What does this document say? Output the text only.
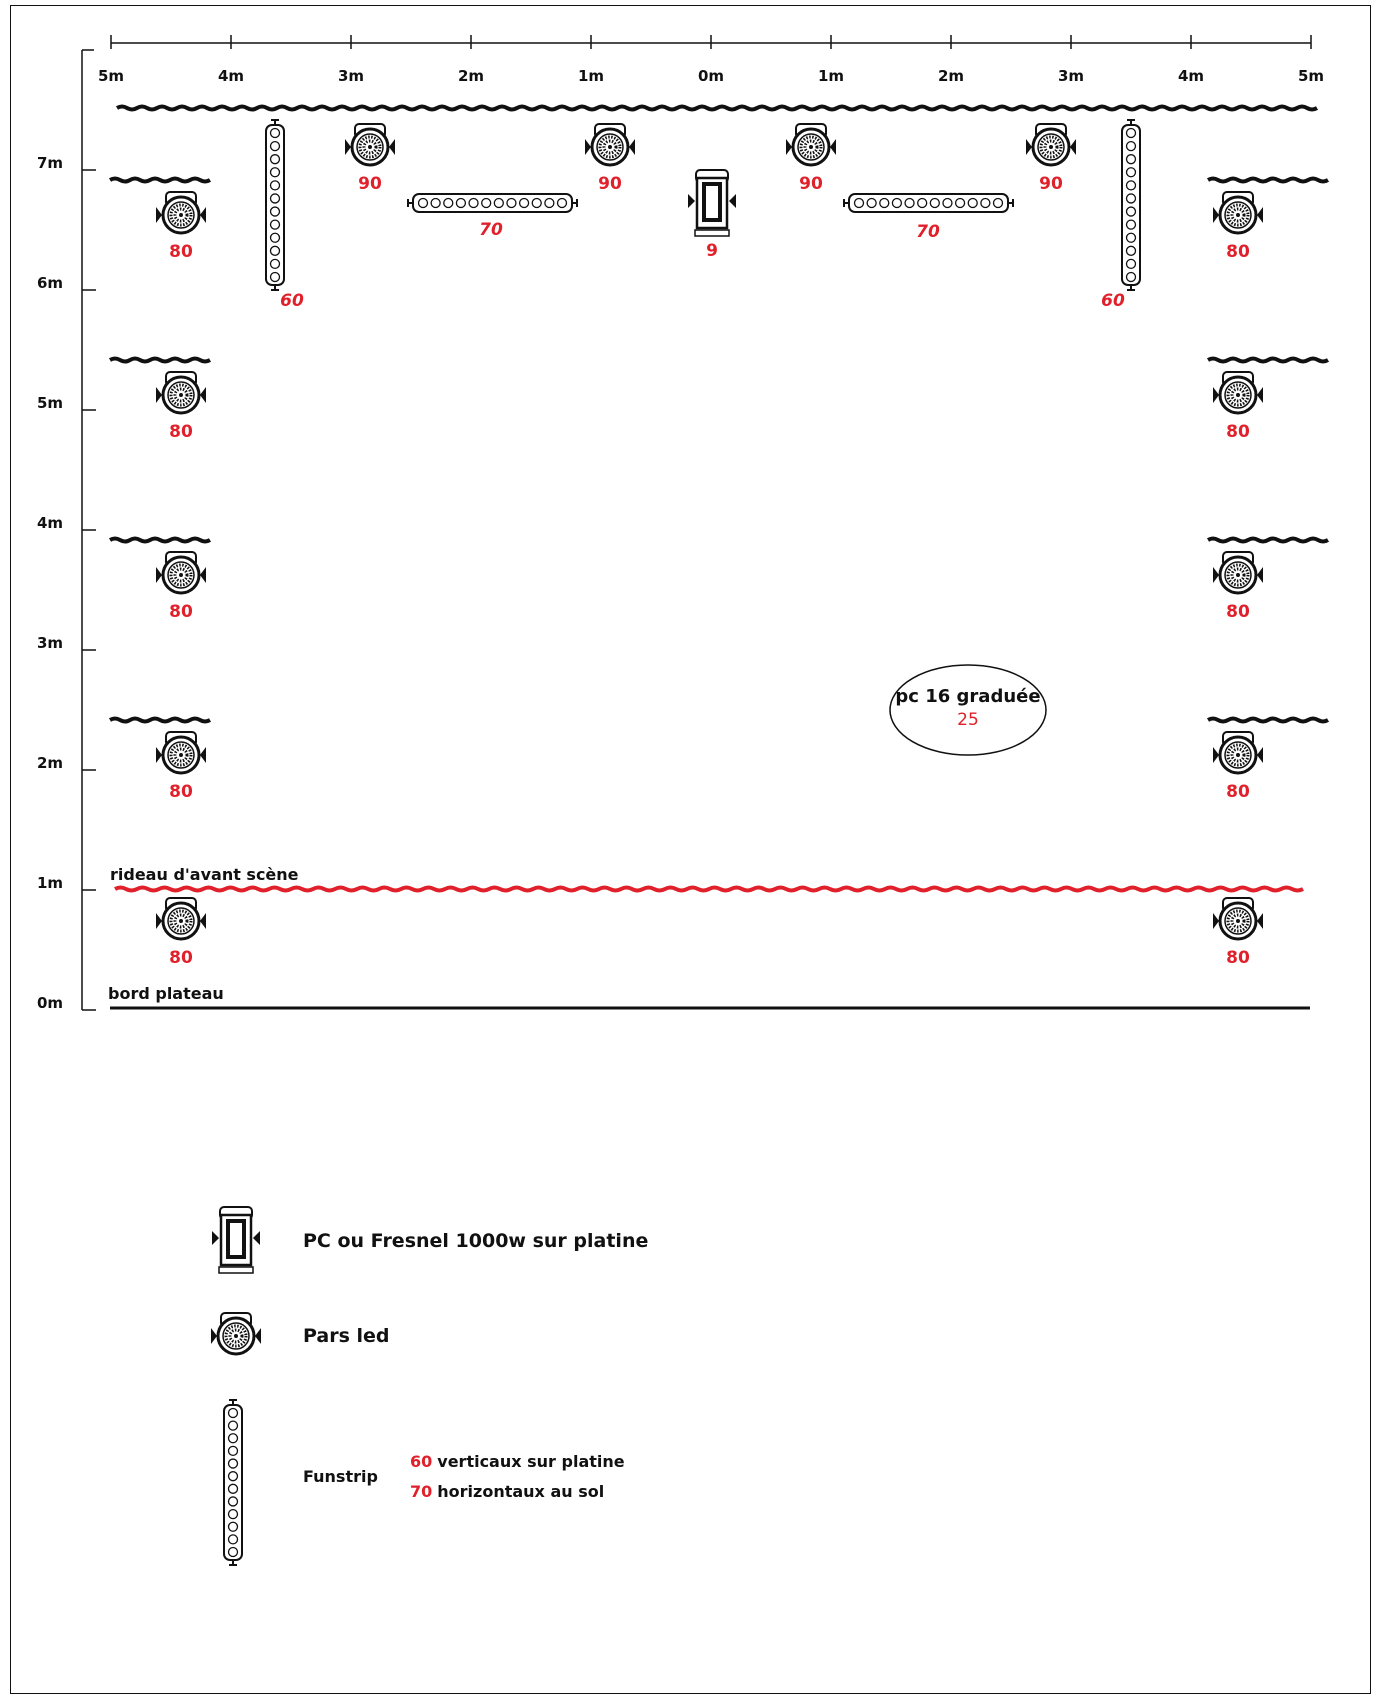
5m	4m	3m	2m	1m	0m	1m	2m	3m	4m	5m
7m
6m
5m
4m
3m
2m
1m
0m
rideau d'avant scène
bord plateau
pc 16 graduée
25
90	90	90	90
80	80
80	80
80	80
80	80
80	80
9
60	60
70	70
PC ou Fresnel 1000w sur platine
Pars led
Funstrip
60 verticaux sur platine
70 horizontaux au sol
